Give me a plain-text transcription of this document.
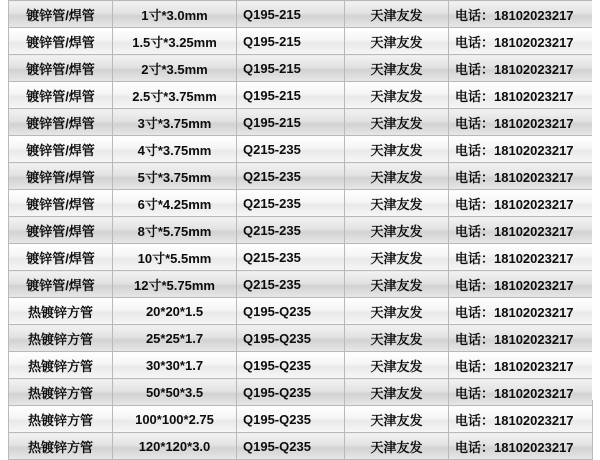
镀锌管/焊管	1寸*3.0mm	Q195-215	天津友发	电话：18102023217
镀锌管/焊管	1.5寸*3.25mm	Q195-215	天津友发	电话：18102023217
镀锌管/焊管	2寸*3.5mm	Q195-215	天津友发	电话：18102023217
镀锌管/焊管	2.5寸*3.75mm	Q195-215	天津友发	电话：18102023217
镀锌管/焊管	3寸*3.75mm	Q195-215	天津友发	电话：18102023217
镀锌管/焊管	4寸*3.75mm	Q215-235	天津友发	电话：18102023217
镀锌管/焊管	5寸*3.75mm	Q215-235	天津友发	电话：18102023217
镀锌管/焊管	6寸*4.25mm	Q215-235	天津友发	电话：18102023217
镀锌管/焊管	8寸*5.75mm	Q215-235	天津友发	电话：18102023217
镀锌管/焊管	10寸*5.5mm	Q215-235	天津友发	电话：18102023217
镀锌管/焊管	12寸*5.75mm	Q215-235	天津友发	电话：18102023217
热镀锌方管	20*20*1.5	Q195-Q235	天津友发	电话：18102023217
热镀锌方管	25*25*1.7	Q195-Q235	天津友发	电话：18102023217
热镀锌方管	30*30*1.7	Q195-Q235	天津友发	电话：18102023217
热镀锌方管	50*50*3.5	Q195-Q235	天津友发	电话：18102023217
热镀锌方管	100*100*2.75	Q195-Q235	天津友发	电话：18102023217
热镀锌方管	120*120*3.0	Q195-Q235	天津友发	电话：18102023217
